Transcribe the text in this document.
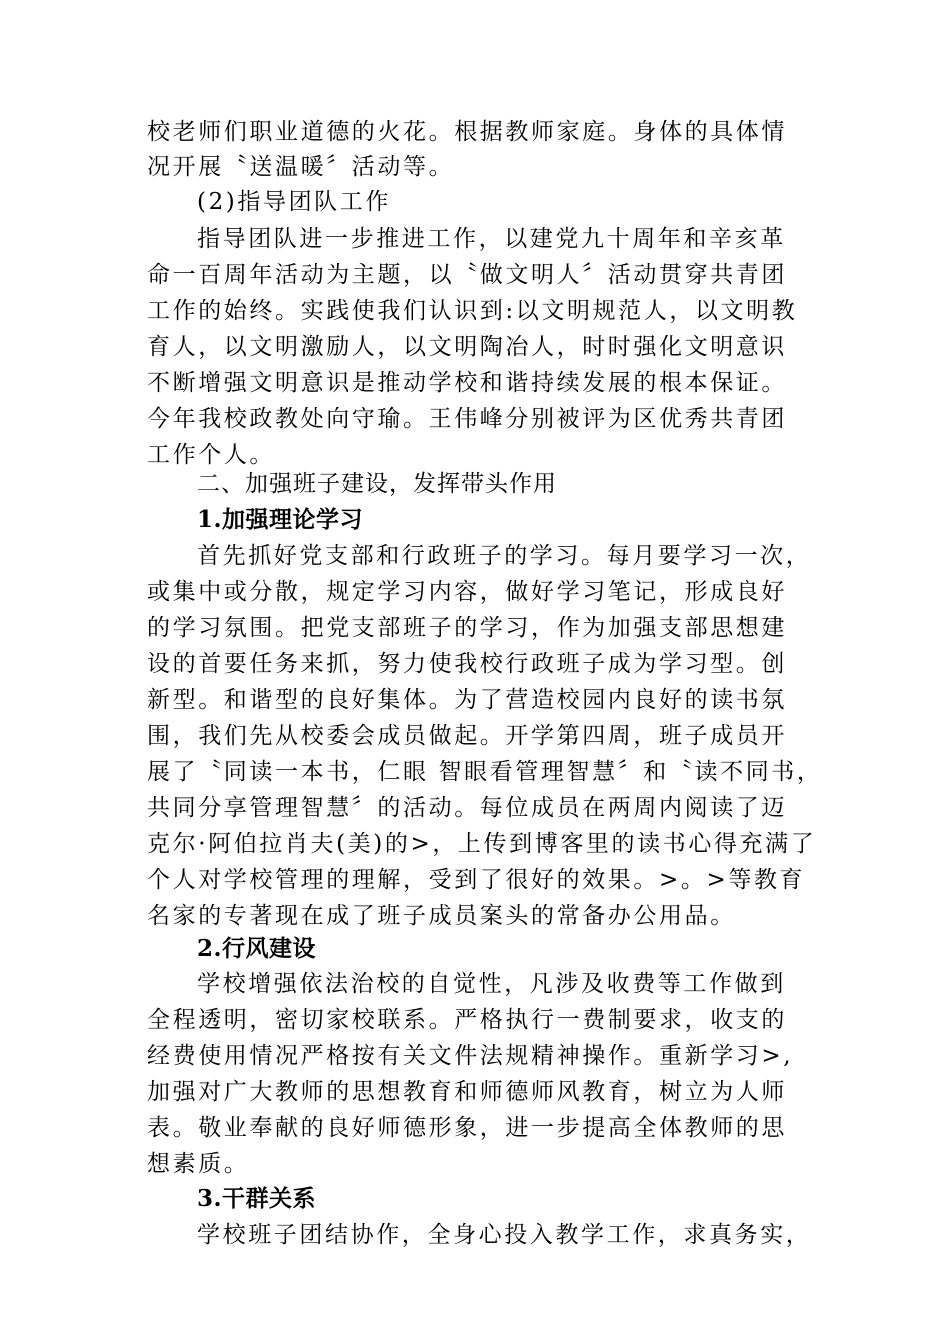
校老师们职业道德的火花。根据教师家庭。身体的具体情
况开展〝送温暖〞活动等。
(2)指导团队工作
指导团队进一步推进工作，以建党九十周年和辛亥革
命一百周年活动为主题，以〝做文明人〞活动贯穿共青团
工作的始终。实践使我们认识到:以文明规范人，以文明教
育人，以文明激励人，以文明陶冶人，时时强化文明意识
不断增强文明意识是推动学校和谐持续发展的根本保证。
今年我校政教处向守瑜。王伟峰分别被评为区优秀共青团
工作个人。
二、加强班子建设，发挥带头作用
1.加强理论学习
首先抓好党支部和行政班子的学习。每月要学习一次，
或集中或分散，规定学习内容，做好学习笔记，形成良好
的学习氛围。把党支部班子的学习，作为加强支部思想建
设的首要任务来抓，努力使我校行政班子成为学习型。创
新型。和谐型的良好集体。为了营造校园内良好的读书氛
围，我们先从校委会成员做起。开学第四周，班子成员开
展了〝同读一本书，仁眼 智眼看管理智慧〞和〝读不同书，
共同分享管理智慧〞的活动。每位成员在两周内阅读了迈
克尔·阿伯拉肖夫(美)的>，上传到博客里的读书心得充满了
个人对学校管理的理解，受到了很好的效果。>。>等教育
名家的专著现在成了班子成员案头的常备办公用品。
2.行风建设
学校增强依法治校的自觉性，凡涉及收费等工作做到
全程透明，密切家校联系。严格执行一费制要求，收支的
经费使用情况严格按有关文件法规精神操作。重新学习>,
加强对广大教师的思想教育和师德师风教育，树立为人师
表。敬业奉献的良好师德形象，进一步提高全体教师的思
想素质。
3.干群关系
学校班子团结协作，全身心投入教学工作，求真务实，
